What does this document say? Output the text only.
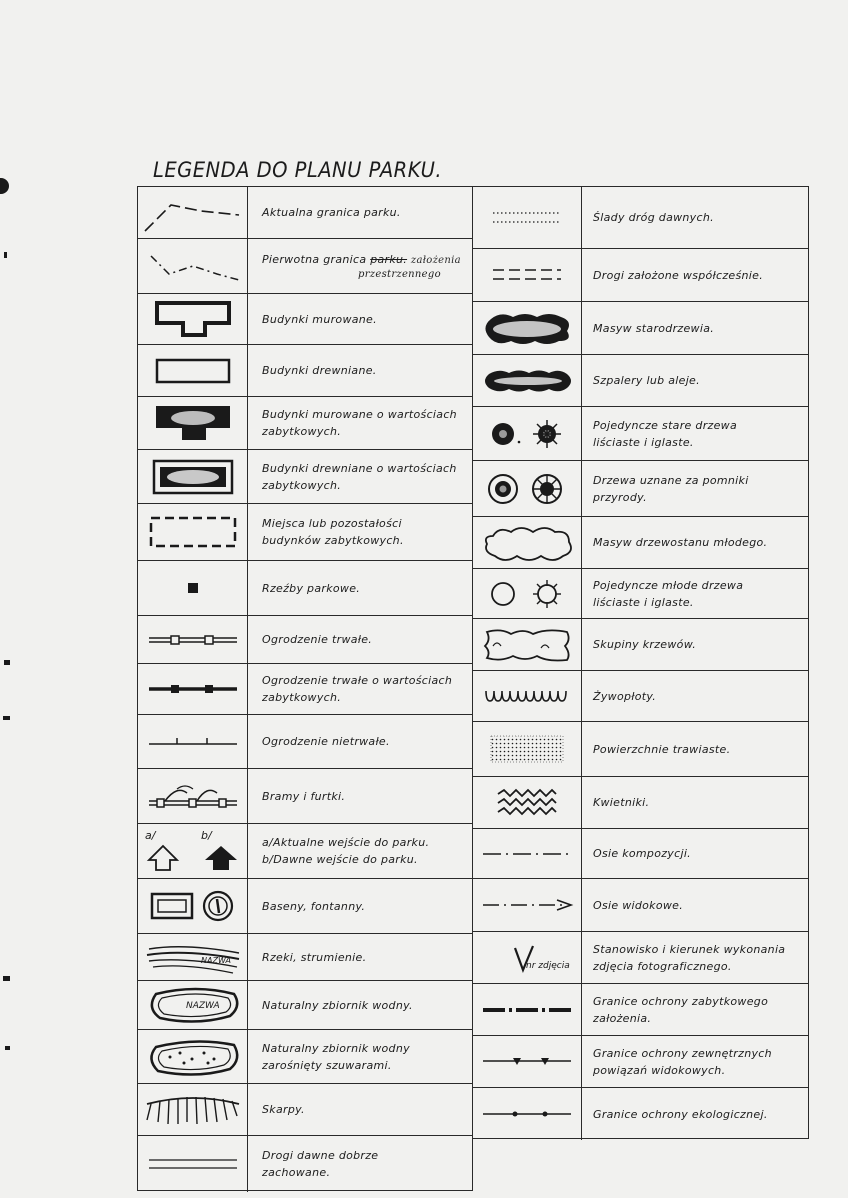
LEGENDA DO PLANU PARKU.
Aktualna granica parku.
Pierwotna granica parku. założenia
przestrzennego
Budynki murowane.
Budynki drewniane.
Budynki murowane o wartościach
zabytkowych.
Budynki drewniane o wartościach
zabytkowych.
Miejsca lub pozostałości
budynków zabytkowych.
Rzeźby parkowe.
Ogrodzenie trwałe.
Ogrodzenie trwałe o wartościach
zabytkowych.
Ogrodzenie nietrwałe.
Bramy i furtki.
a/	b/
a/Aktualne wejście do parku.
b/Dawne wejście do parku.
Baseny, fontanny.
NAZWA	Rzeki, strumienie.
NAZWA	Naturalny zbiornik wodny.
Naturalny zbiornik wodny
zarośnięty szuwarami.
Skarpy.
Drogi dawne dobrze
zachowane.
Ślady dróg dawnych.
Drogi założone współcześnie.
Masyw starodrzewia.
Szpalery lub aleje.
Pojedyncze stare drzewa
liściaste i iglaste.
Drzewa uznane za pomniki
przyrody.
Masyw drzewostanu młodego.
Pojedyncze młode drzewa
liściaste i iglaste.
Skupiny krzewów.
Żywopłoty.
Powierzchnie trawiaste.
Kwietniki.
Osie kompozycji.
Osie widokowe.
nr zdjęcia
Stanowisko i kierunek wykonania
zdjęcia fotograficznego.
Granice ochrony zabytkowego
założenia.
Granice ochrony zewnętrznych
powiązań widokowych.
Granice ochrony ekologicznej.
